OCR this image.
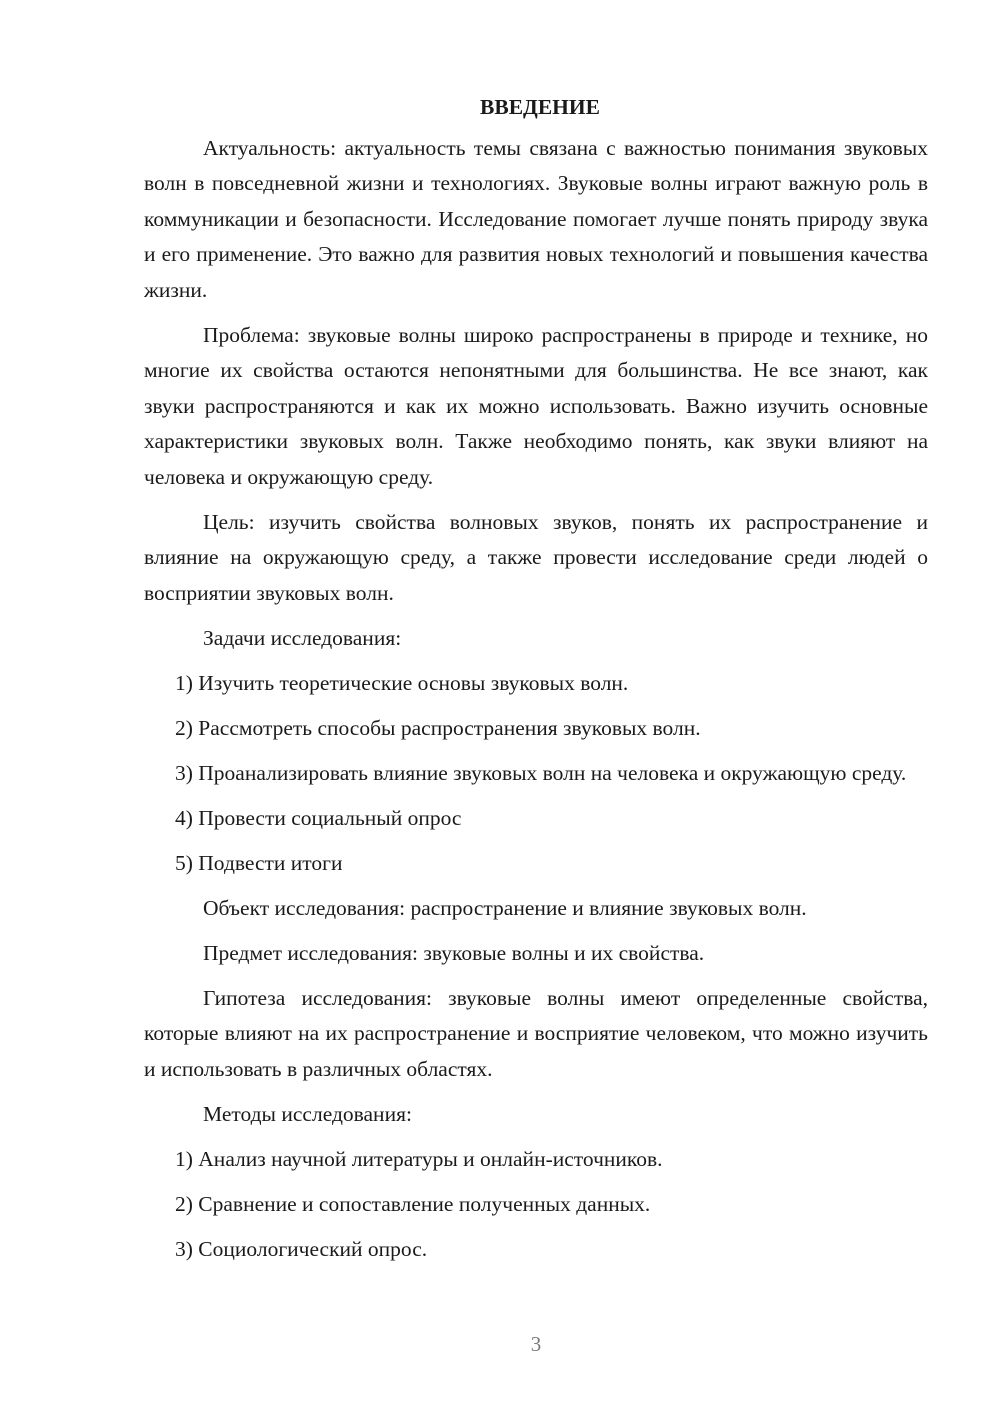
ВВЕДЕНИЕ
Актуальность: актуальность темы связана с важностью понимания звуковых волн в повседневной жизни и технологиях. Звуковые волны играют важную роль в коммуникации и безопасности. Исследование помогает лучше понять природу звука и его применение. Это важно для развития новых технологий и повышения качества жизни.
Проблема: звуковые волны широко распространены в природе и технике, но многие их свойства остаются непонятными для большинства. Не все знают, как звуки распространяются и как их можно использовать. Важно изучить основные характеристики звуковых волн. Также необходимо понять, как звуки влияют на человека и окружающую среду.
Цель: изучить свойства волновых звуков, понять их распространение и влияние на окружающую среду, а также провести исследование среди людей о восприятии звуковых волн.
Задачи исследования:
1) Изучить теоретические основы звуковых волн.
2) Рассмотреть способы распространения звуковых волн.
3) Проанализировать влияние звуковых волн на человека и окружающую среду.
4) Провести социальный опрос
5) Подвести итоги
Объект исследования: распространение и влияние звуковых волн.
Предмет исследования: звуковые волны и их свойства.
Гипотеза исследования: звуковые волны имеют определенные свойства, которые влияют на их распространение и восприятие человеком, что можно изучить и использовать в различных областях.
Методы исследования:
1) Анализ научной литературы и онлайн-источников.
2) Сравнение и сопоставление полученных данных.
3) Социологический опрос.
3
